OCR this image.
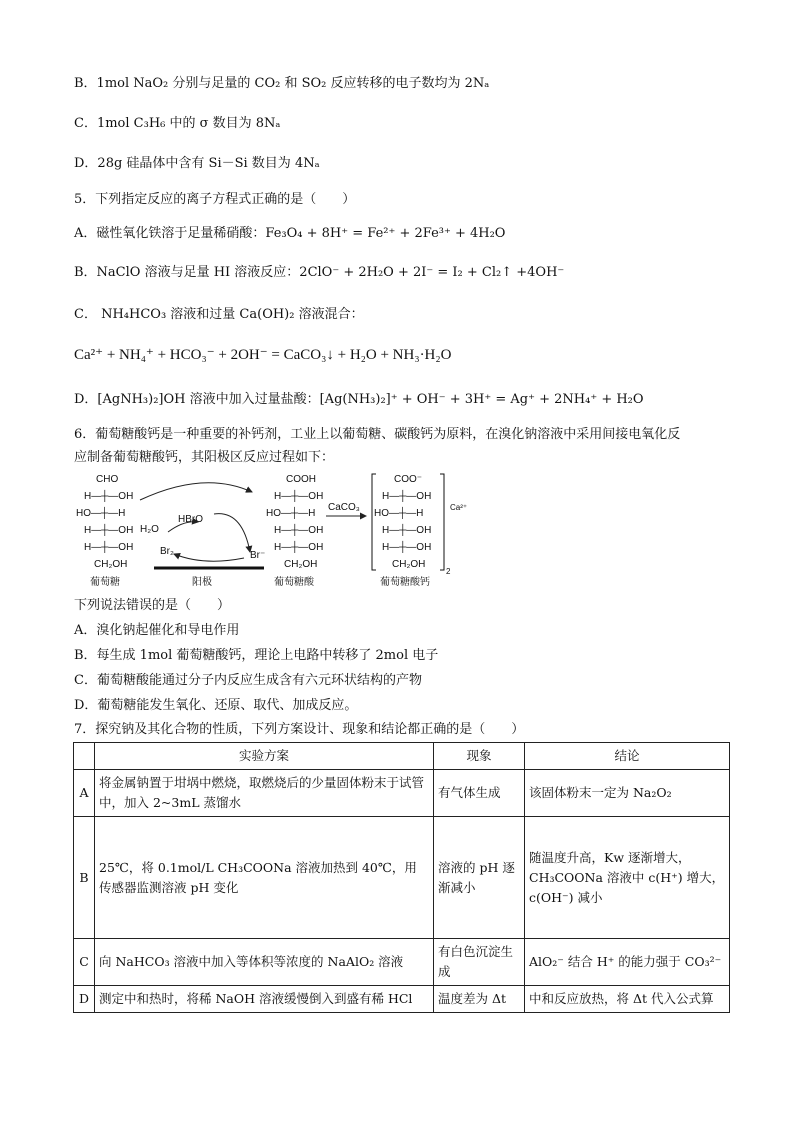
B．1mol NaO₂ 分别与足量的 CO₂ 和 SO₂ 反应转移的电子数均为 2Nₐ
C．1mol C₃H₆ 中的 σ 数目为 8Nₐ
D．28g 硅晶体中含有 Si－Si 数目为 4Nₐ
5．下列指定反应的离子方程式正确的是（　　）
A．磁性氧化铁溶于足量稀硝酸：Fe₃O₄ + 8H⁺ = Fe²⁺ + 2Fe³⁺ + 4H₂O
B．NaClO 溶液与足量 HI 溶液反应：2ClO⁻ + 2H₂O + 2I⁻ = I₂ + Cl₂↑ +4OH⁻
C． NH₄HCO₃ 溶液和过量 Ca(OH)₂ 溶液混合：
Ca²⁺ + NH₄⁺ + HCO₃⁻ + 2OH⁻ = CaCO₃↓ + H₂O + NH₃·H₂O
D．[AgNH₃)₂]OH 溶液中加入过量盐酸：[Ag(NH₃)₂]⁺ + OH⁻ + 3H⁺ = Ag⁺ + 2NH₄⁺ + H₂O
6．葡萄糖酸钙是一种重要的补钙剂，工业上以葡萄糖、碳酸钙为原料，在溴化钠溶液中采用间接电氧化反
应制备葡萄糖酸钙，其阳极区反应过程如下：
CHO
H―┼―OH
HO―┼―H
H―┼―OH
H―┼―OH
CH₂OH
葡萄糖
HBrO
H₂O
Br₂	Br⁻
阳极
COOH
H―┼―OH
HO―┼―H
H―┼―OH
H―┼―OH
CH₂OH
葡萄糖酸
CaCO₃
COO⁻
H―┼―OH
HO―┼―H
H―┼―OH
H―┼―OH
CH₂OH
2
Ca²⁺
葡萄糖酸钙
下列说法错误的是（　　）
A．溴化钠起催化和导电作用
B．每生成 1mol 葡萄糖酸钙，理论上电路中转移了 2mol 电子
C．葡萄糖酸能通过分子内反应生成含有六元环状结构的产物
D．葡萄糖能发生氧化、还原、取代、加成反应。
7．探究钠及其化合物的性质，下列方案设计、现象和结论都正确的是（　　）
	实验方案	现象	结论
A	将金属钠置于坩埚中燃烧，取燃烧后的少量固体粉末于试管中，加入 2~3mL 蒸馏水	有气体生成	该固体粉末一定为 Na₂O₂
B	25℃，将 0.1mol/L CH₃COONa 溶液加热到 40℃，用传感器监测溶液 pH 变化	溶液的 pH 逐渐减小	随温度升高，Kw 逐渐增大，CH₃COONa 溶液中 c(H⁺) 增大，c(OH⁻) 减小
C	向 NaHCO₃ 溶液中加入等体积等浓度的 NaAlO₂ 溶液	有白色沉淀生成	AlO₂⁻ 结合 H⁺ 的能力强于 CO₃²⁻
D	测定中和热时，将稀 NaOH 溶液缓慢倒入到盛有稀 HCl	温度差为 Δt	中和反应放热，将 Δt 代入公式算
